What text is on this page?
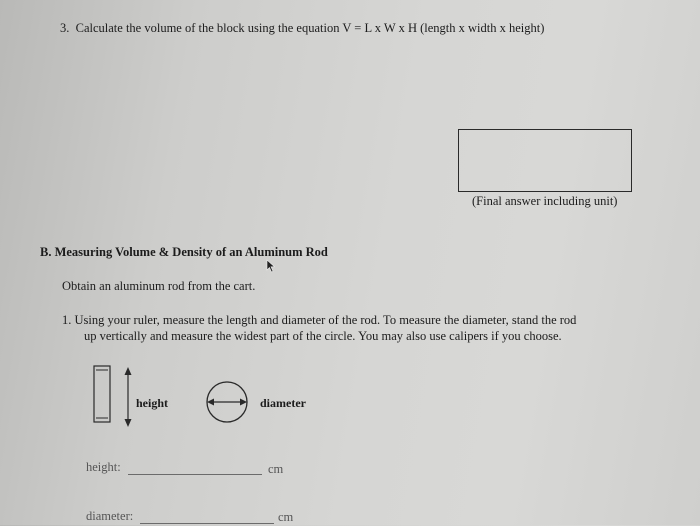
3. Calculate the volume of the block using the equation V = L x W x H (length x width x height)
(Final answer including unit)
B. Measuring Volume & Density of an Aluminum Rod
Obtain an aluminum rod from the cart.
1. Using your ruler, measure the length and diameter of the rod. To measure the diameter, stand the rod
up vertically and measure the widest part of the circle. You may also use calipers if you choose.
height	diameter
height:	cm
diameter:	cm
